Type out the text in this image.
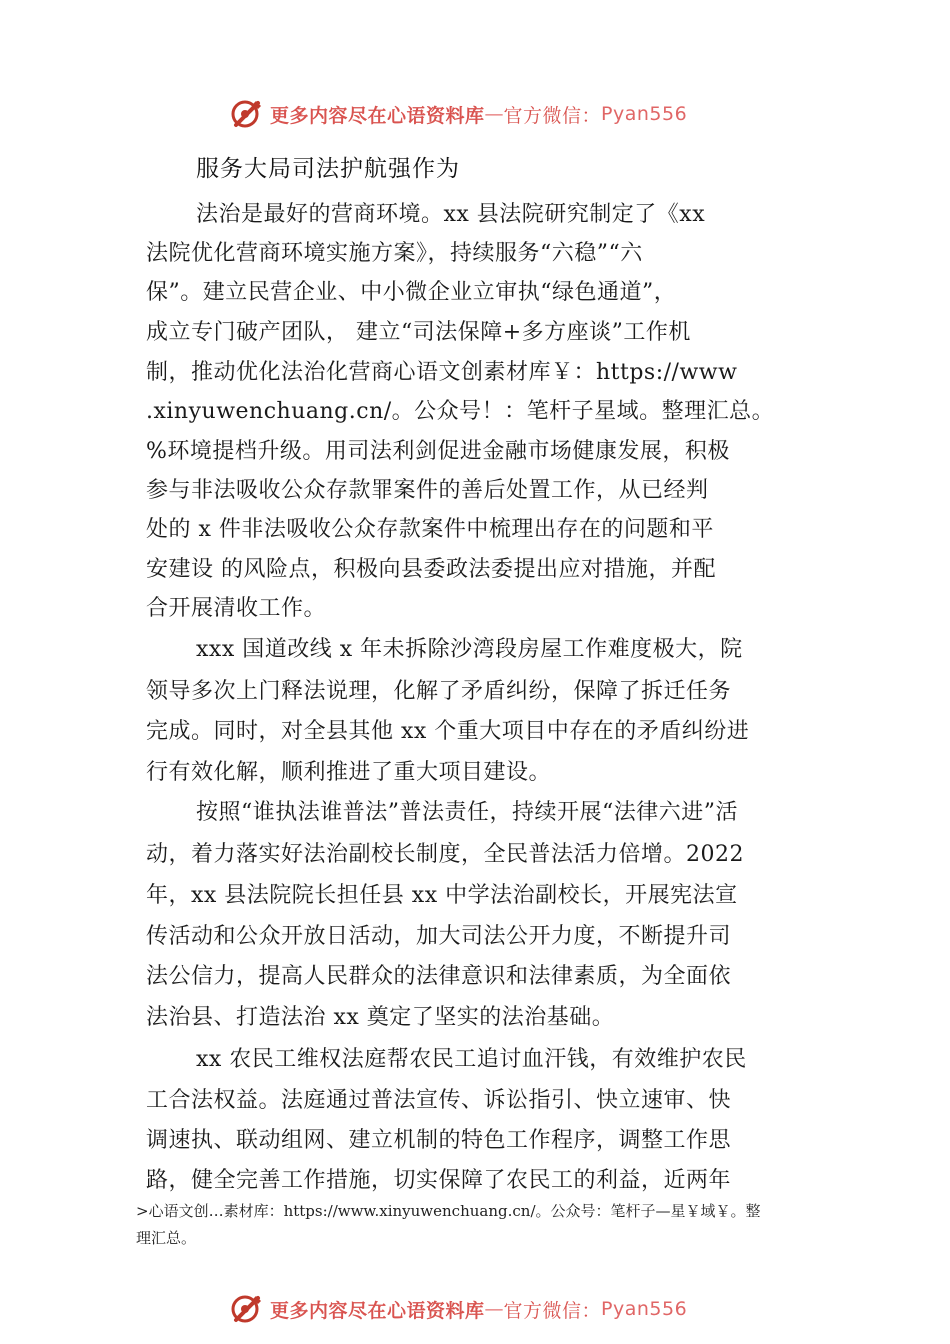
更多内容尽在心语资料库 — 官方微信： Pyan556
服务大局司法护航强作为
法治是最好的营商环境。xx 县法院研究制定了《xx
法院优化营商环境实施方案》，持续服务“六稳”“六
保”。建立民营企业、中小微企业立审执“绿色通道”，
成立专门破产团队， 建立“司法保障+多方座谈”工作机
制，推动优化法治化营商心语文创素材库￥：https://www
.xinyuwenchuang.cn/。公众号！：笔杆子星域。整理汇总。
%环境提档升级。用司法利剑促进金融市场健康发展，积极
参与非法吸收公众存款罪案件的善后处置工作，从已经判
处的 x 件非法吸收公众存款案件中梳理出存在的问题和平
安建设 的风险点，积极向县委政法委提出应对措施，并配
合开展清收工作。
xxx 国道改线 x 年未拆除沙湾段房屋工作难度极大，院
领导多次上门释法说理，化解了矛盾纠纷，保障了拆迁任务
完成。同时，对全县其他 xx 个重大项目中存在的矛盾纠纷进
行有效化解，顺利推进了重大项目建设。
按照“谁执法谁普法”普法责任，持续开展“法律六进”活
动，着力落实好法治副校长制度，全民普法活力倍增。2022
年，xx 县法院院长担任县 xx 中学法治副校长，开展宪法宣
传活动和公众开放日活动，加大司法公开力度，不断提升司
法公信力，提高人民群众的法律意识和法律素质，为全面依
法治县、打造法治 xx 奠定了坚实的法治基础。
xx 农民工维权法庭帮农民工追讨血汗钱，有效维护农民
工合法权益。法庭通过普法宣传、诉讼指引、快立速审、快
调速执、联动组网、建立机制的特色工作程序，调整工作思
路，健全完善工作措施，切实保障了农民工的利益，近两年
>心语文创…素材库：https://www.xinyuwenchuang.cn/。公众号：笔杆子—星￥域￥。整
理汇总。
更多内容尽在心语资料库 — 官方微信： Pyan556
